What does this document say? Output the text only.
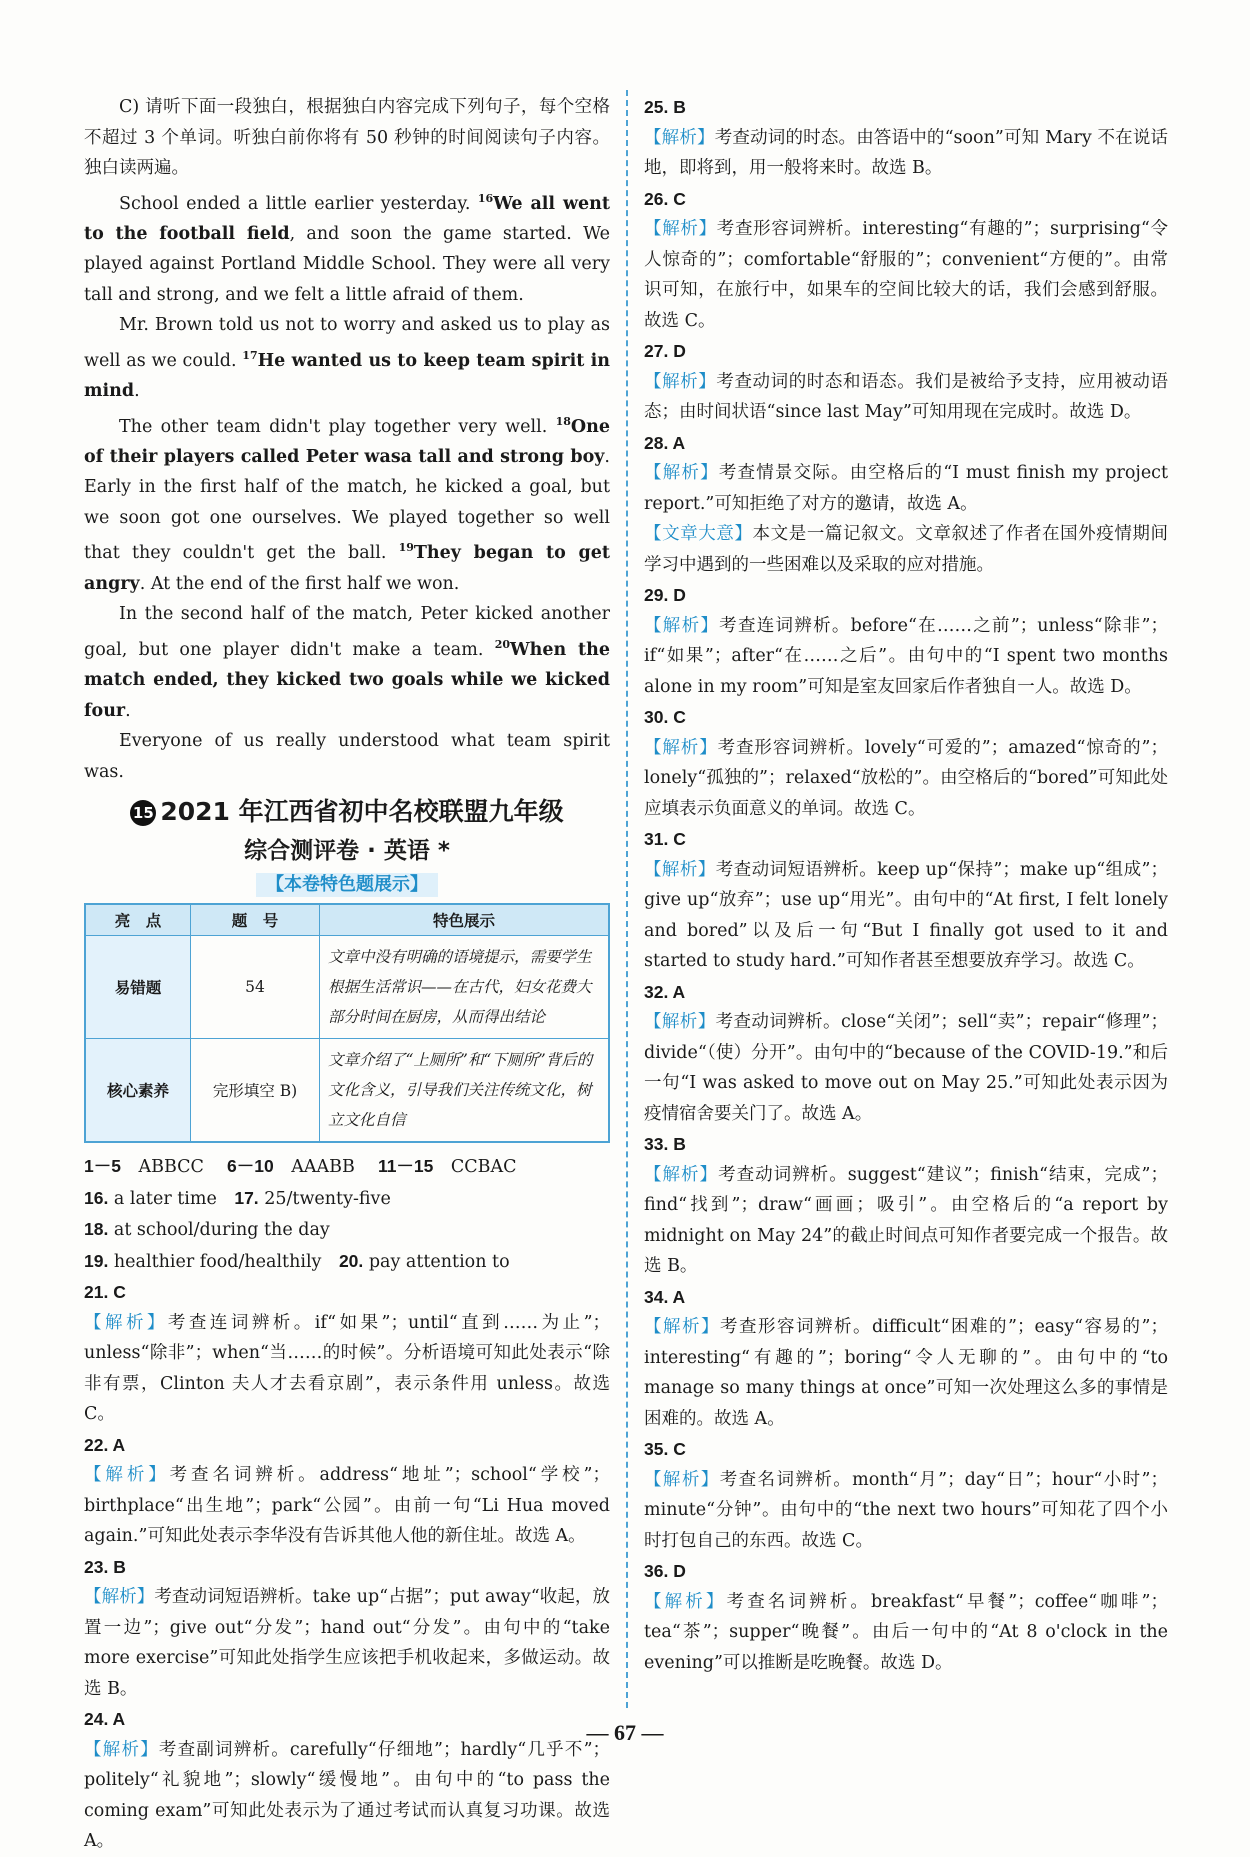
C) 请听下面一段独白，根据独白内容完成下列句子，每个空格不超过 3 个单词。听独白前你将有 50 秒钟的时间阅读句子内容。独白读两遍。

School ended a little earlier yesterday. $^{16}$We all went to the football field, and soon the game started. We played against Portland Middle School. They were all very tall and strong, and we felt a little afraid of them.

Mr. Brown told us not to worry and asked us to play as well as we could. $^{17}$He wanted us to keep team spirit in mind.

The other team didn't play together very well. $^{18}$One of their players called Peter wasa tall and strong boy. Early in the first half of the match, he kicked a goal, but we soon got one ourselves. We played together so well that they couldn't get the ball. $^{19}$They began to get angry. At the end of the first half we won.

In the second half of the match, Peter kicked another goal, but one player didn't make a team. $^{20}$When the match ended, they kicked two goals while we kicked four.

Everyone of us really understood what team spirit was.

15 2021 年江西省初中名校联盟九年级
综合测评卷 · 英语 *
【本卷特色题展示】
亮　点	题　号	特色展示
易错题	54	文章中没有明确的语境提示，需要学生根据生活常识——在古代，妇女花费大部分时间在厨房，从而得出结论
核心素养	完形填空 B)	文章介绍了“上厕所”和“下厕所”背后的文化含义，引导我们关注传统文化，树立文化自信

1－5　 ABBCC　 6－10　 AAABB　 11－15　 CCBAC

16. a later time　 17. 25/twenty-five

18. at school/during the day

19. healthier food/healthily　 20. pay attention to

21. C

【解析】考查连词辨析。if“如果”；until“直到……为止”；unless“除非”；when“当……的时候”。分析语境可知此处表示“除非有票，Clinton 夫人才去看京剧”，表示条件用 unless。故选 C。

22. A

【解析】考查名词辨析。address“地址”；school“学校”；birthplace“出生地”；park“公园”。由前一句“Li Hua moved again.”可知此处表示李华没有告诉其他人他的新住址。故选 A。

23. B

【解析】考查动词短语辨析。take up“占据”；put away“收起，放置一边”；give out“分发”；hand out“分发”。由句中的“take more exercise”可知此处指学生应该把手机收起来，多做运动。故选 B。

24. A

【解析】考查副词辨析。carefully“仔细地”；hardly“几乎不”；politely“礼貌地”；slowly“缓慢地”。由句中的“to pass the coming exam”可知此处表示为了通过考试而认真复习功课。故选 A。

25. B

【解析】考查动词的时态。由答语中的“soon”可知 Mary 不在说话地，即将到，用一般将来时。故选 B。

26. C

【解析】考查形容词辨析。interesting“有趣的”；surprising“令人惊奇的”；comfortable“舒服的”；convenient“方便的”。由常识可知，在旅行中，如果车的空间比较大的话，我们会感到舒服。故选 C。

27. D

【解析】考查动词的时态和语态。我们是被给予支持，应用被动语态；由时间状语“since last May”可知用现在完成时。故选 D。

28. A

【解析】考查情景交际。由空格后的“I must finish my project report.”可知拒绝了对方的邀请，故选 A。

【文章大意】本文是一篇记叙文。文章叙述了作者在国外疫情期间学习中遇到的一些困难以及采取的应对措施。

29. D

【解析】考查连词辨析。before“在……之前”；unless“除非”；if“如果”；after“在……之后”。由句中的“I spent two months alone in my room”可知是室友回家后作者独自一人。故选 D。

30. C

【解析】考查形容词辨析。lovely“可爱的”；amazed“惊奇的”；lonely“孤独的”；relaxed“放松的”。由空格后的“bored”可知此处应填表示负面意义的单词。故选 C。

31. C

【解析】考查动词短语辨析。keep up“保持”；make up“组成”；give up“放弃”；use up“用光”。由句中的“At first, I felt lonely and bored”以及后一句“But I finally got used to it and started to study hard.”可知作者甚至想要放弃学习。故选 C。

32. A

【解析】考查动词辨析。close“关闭”；sell“卖”；repair“修理”；divide“（使）分开”。由句中的“because of the COVID-19.”和后一句“I was asked to move out on May 25.”可知此处表示因为疫情宿舍要关门了。故选 A。

33. B

【解析】考查动词辨析。suggest“建议”；finish“结束，完成”；find“找到”；draw“画画；吸引”。由空格后的“a report by midnight on May 24”的截止时间点可知作者要完成一个报告。故选 B。

34. A

【解析】考查形容词辨析。difficult“困难的”；easy“容易的”；interesting“有趣的”；boring“令人无聊的”。由句中的“to manage so many things at once”可知一次处理这么多的事情是困难的。故选 A。

35. C

【解析】考查名词辨析。month“月”；day“日”；hour“小时”；minute“分钟”。由句中的“the next two hours”可知花了四个小时打包自己的东西。故选 C。

36. D

【解析】考查名词辨析。breakfast“早餐”；coffee“咖啡”；tea“茶”；supper“晚餐”。由后一句中的“At 8 o'clock in the evening”可以推断是吃晚餐。故选 D。

— 67 —
